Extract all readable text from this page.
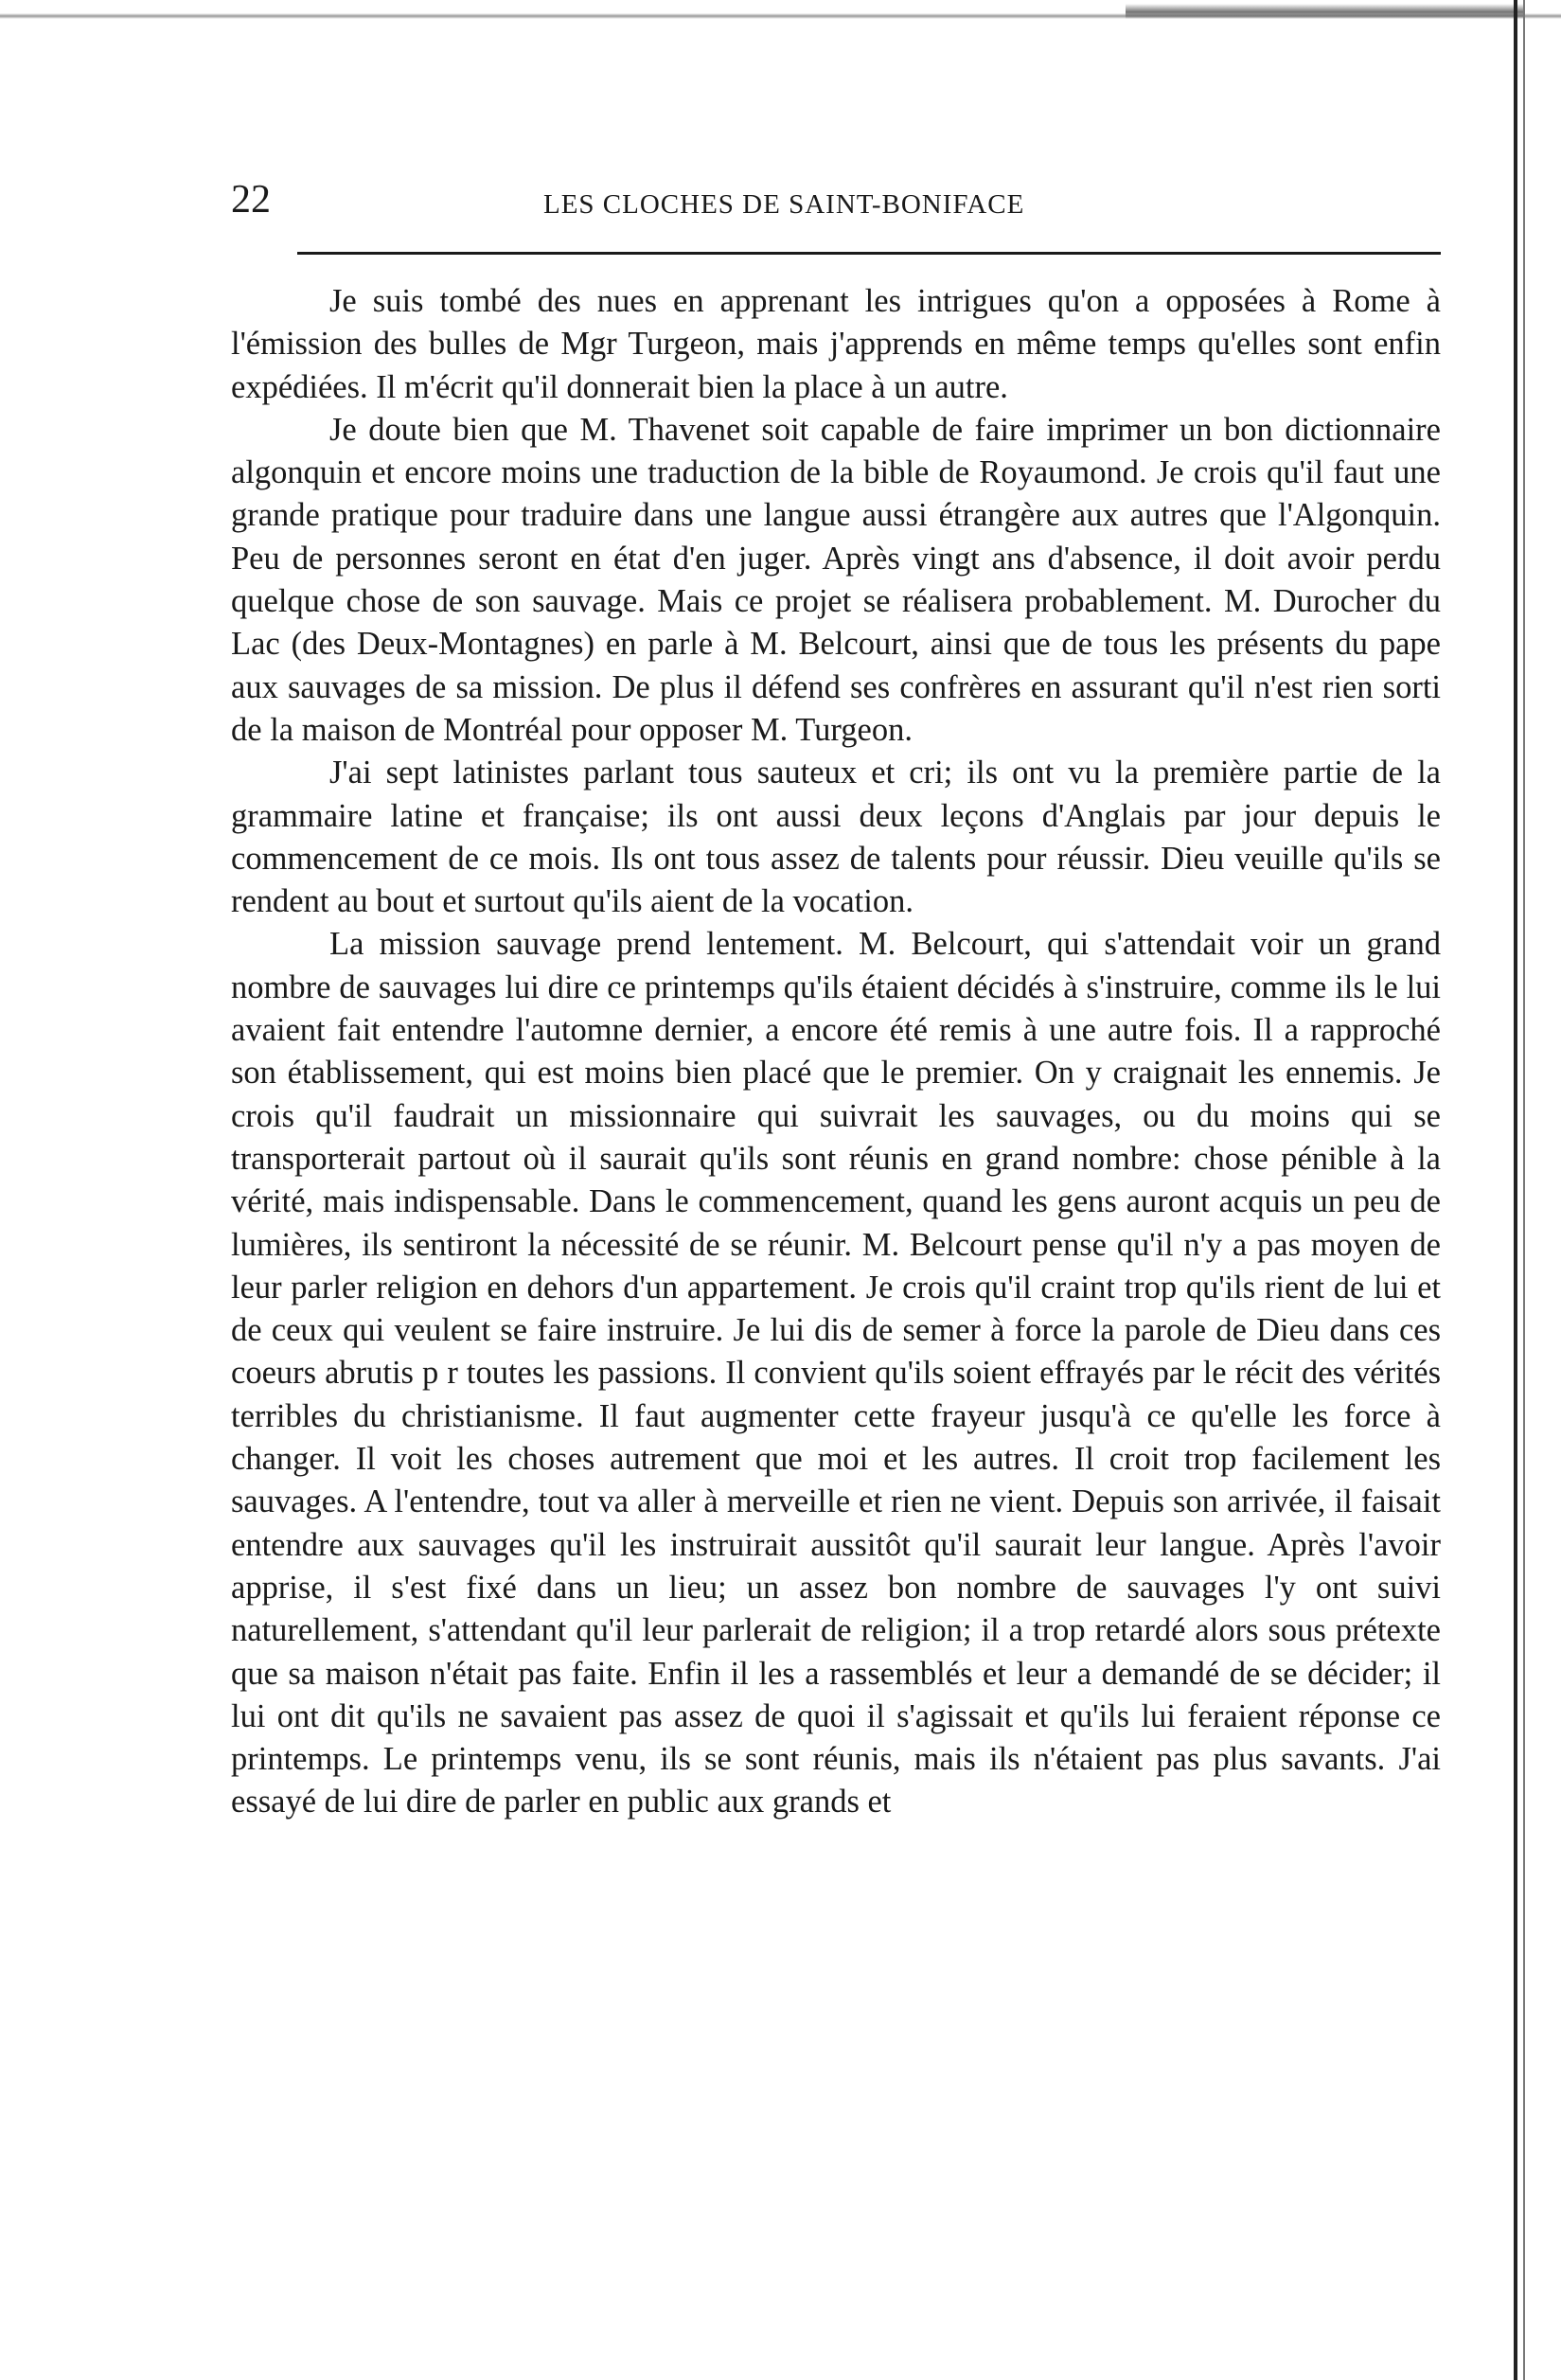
22	LES CLOCHES DE SAINT-BONIFACE

Je suis tombé des nues en apprenant les intrigues qu'on a opposées à Rome à l'émission des bulles de Mgr Turgeon, mais j'apprends en même temps qu'elles sont enfin expédiées. Il m'écrit qu'il donnerait bien la place à un autre.

Je doute bien que M. Thavenet soit capable de faire imprimer un bon dictionnaire algonquin et encore moins une traduction de la bible de Royaumond. Je crois qu'il faut une grande pratique pour traduire dans une langue aussi étrangère aux autres que l'Algonquin. Peu de personnes seront en état d'en juger. Après vingt ans d'absence, il doit avoir perdu quelque chose de son sauvage. Mais ce projet se réalisera probablement. M. Durocher du Lac (des Deux-Montagnes) en parle à M. Belcourt, ainsi que de tous les présents du pape aux sauvages de sa mission. De plus il défend ses confrères en assurant qu'il n'est rien sorti de la maison de Montréal pour opposer M. Turgeon.

J'ai sept latinistes parlant tous sauteux et cri; ils ont vu la première partie de la grammaire latine et française; ils ont aussi deux leçons d'Anglais par jour depuis le commencement de ce mois. Ils ont tous assez de talents pour réussir. Dieu veuille qu'ils se rendent au bout et surtout qu'ils aient de la vocation.

La mission sauvage prend lentement. M. Belcourt, qui s'attendait voir un grand nombre de sauvages lui dire ce printemps qu'ils étaient décidés à s'instruire, comme ils le lui avaient fait entendre l'automne dernier, a encore été remis à une autre fois. Il a rapproché son établissement, qui est moins bien placé que le premier. On y craignait les ennemis. Je crois qu'il faudrait un missionnaire qui suivrait les sauvages, ou du moins qui se transporterait partout où il saurait qu'ils sont réunis en grand nombre: chose pénible à la vérité, mais indispensable. Dans le commencement, quand les gens auront acquis un peu de lumières, ils sentiront la nécessité de se réunir. M. Belcourt pense qu'il n'y a pas moyen de leur parler religion en dehors d'un appartement. Je crois qu'il craint trop qu'ils rient de lui et de ceux qui veulent se faire instruire. Je lui dis de semer à force la parole de Dieu dans ces coeurs abrutis p r toutes les passions. Il convient qu'ils soient effrayés par le récit des vérités terribles du christianisme. Il faut augmenter cette frayeur jusqu'à ce qu'elle les force à changer. Il voit les choses autrement que moi et les autres. Il croit trop facilement les sauvages. A l'entendre, tout va aller à merveille et rien ne vient. Depuis son arrivée, il faisait entendre aux sauvages qu'il les instruirait aussitôt qu'il saurait leur langue. Après l'avoir apprise, il s'est fixé dans un lieu; un assez bon nombre de sauvages l'y ont suivi naturellement, s'attendant qu'il leur parlerait de religion; il a trop retardé alors sous prétexte que sa maison n'était pas faite. Enfin il les a rassemblés et leur a demandé de se décider; il lui ont dit qu'ils ne savaient pas assez de quoi il s'agissait et qu'ils lui feraient réponse ce printemps. Le printemps venu, ils se sont réunis, mais ils n'étaient pas plus savants. J'ai essayé de lui dire de parler en public aux grands et
